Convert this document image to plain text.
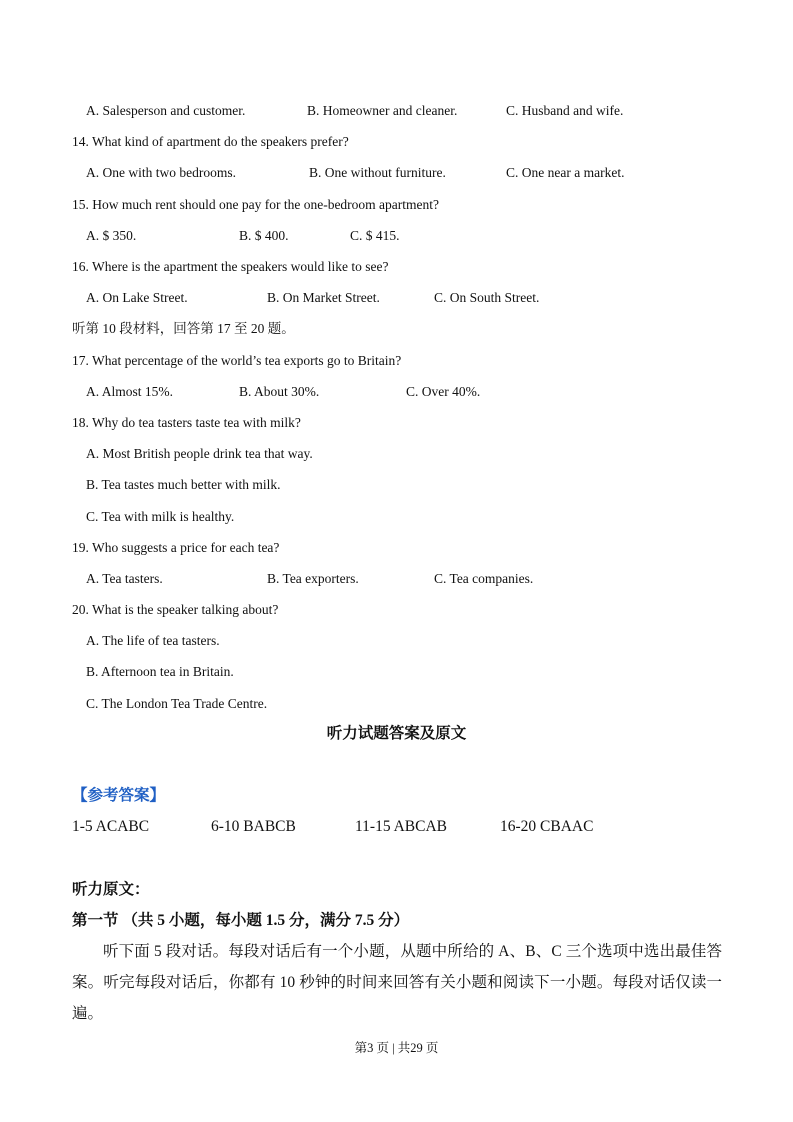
A. Salesperson and customer.	B. Homeowner and cleaner.	C. Husband and wife.
14. What kind of apartment do the speakers prefer?
A. One with two bedrooms.	B. One without furniture.	C. One near a market.
15. How much rent should one pay for the one-bedroom apartment?
A. $ 350.	B. $ 400.	C. $ 415.
16. Where is the apartment the speakers would like to see?
A. On Lake Street.	B. On Market Street.	C. On South Street.
听第 10 段材料，回答第 17 至 20 题。
17. What percentage of the world’s tea exports go to Britain?
A. Almost 15%.	B. About 30%.	C. Over 40%.
18. Why do tea tasters taste tea with milk?
A. Most British people drink tea that way.
B. Tea tastes much better with milk.
C. Tea with milk is healthy.
19. Who suggests a price for each tea?
A. Tea tasters.	B. Tea exporters.	C. Tea companies.
20. What is the speaker talking about?
A. The life of tea tasters.
B. Afternoon tea in Britain.
C. The London Tea Trade Centre.
听力试题答案及原文
【参考答案】
1-5 ACABC	6-10 BABCB	11-15 ABCAB	16-20 CBAAC
听力原文：
第一节 （共 5 小题，每小题 1.5 分，满分 7.5 分）
听下面 5 段对话。每段对话后有一个小题，从题中所给的 A、B、C 三个选项中选出最佳答案。听完每段对话后，你都有 10 秒钟的时间来回答有关小题和阅读下一小题。每段对话仅读一遍。
第3 页 | 共29 页
